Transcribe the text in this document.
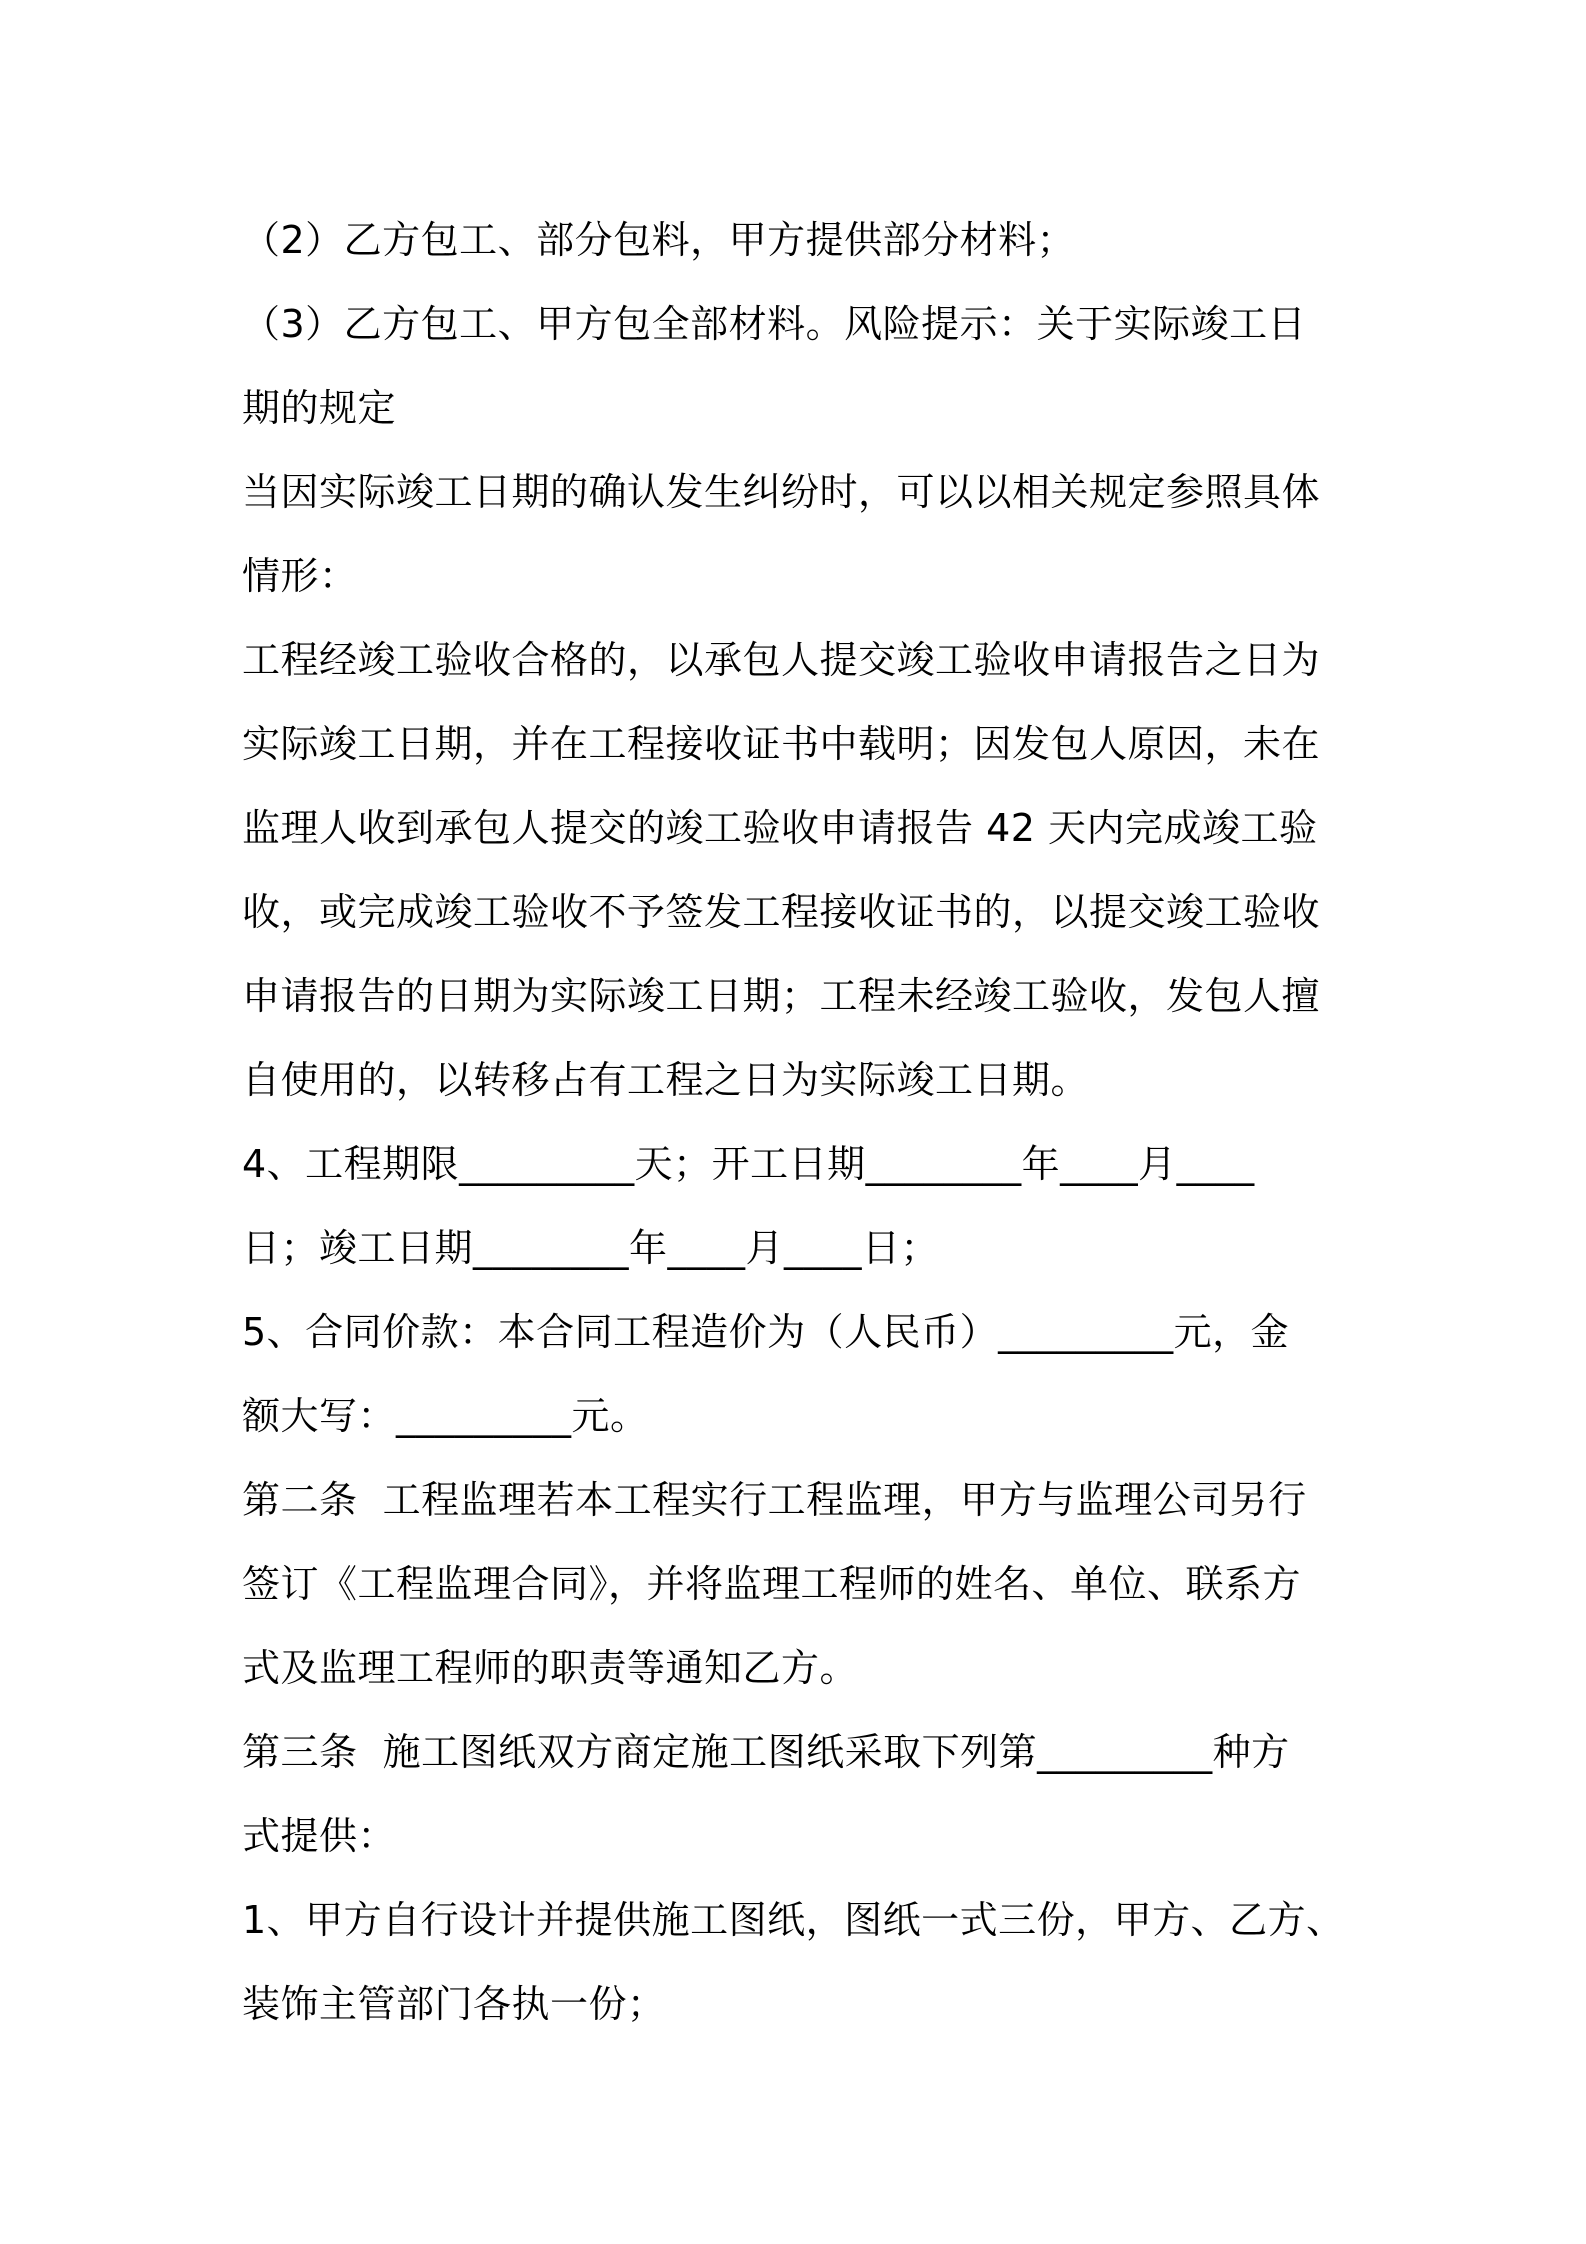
（2）乙方包工、部分包料，甲方提供部分材料；
（3）乙方包工、甲方包全部材料。风险提示：关于实际竣工日
期的规定
当因实际竣工日期的确认发生纠纷时，可以以相关规定参照具体
情形：
工程经竣工验收合格的，以承包人提交竣工验收申请报告之日为
实际竣工日期，并在工程接收证书中载明；因发包人原因，未在
监理人收到承包人提交的竣工验收申请报告 42 天内完成竣工验
收，或完成竣工验收不予签发工程接收证书的，以提交竣工验收
申请报告的日期为实际竣工日期；工程未经竣工验收，发包人擅
自使用的，以转移占有工程之日为实际竣工日期。
4、工程期限_________天；开工日期________年____月____
日；竣工日期________年____月____日；
5、合同价款：本合同工程造价为（人民币）_________元，金
额大写：_________元。
第二条  工程监理若本工程实行工程监理，甲方与监理公司另行
签订《工程监理合同》，并将监理工程师的姓名、单位、联系方
式及监理工程师的职责等通知乙方。
第三条  施工图纸双方商定施工图纸采取下列第_________种方
式提供：
1、甲方自行设计并提供施工图纸，图纸一式三份，甲方、乙方、
装饰主管部门各执一份；
